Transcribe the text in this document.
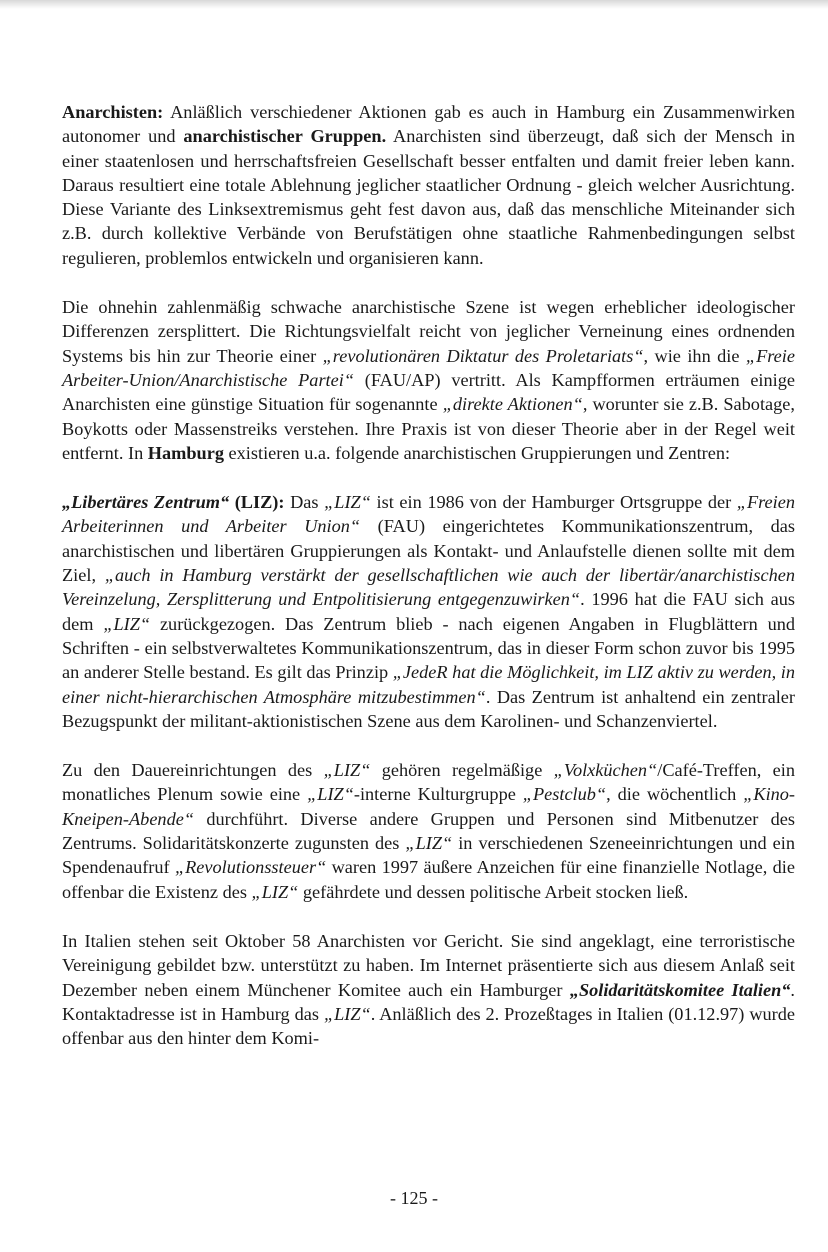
Anarchisten: Anläßlich verschiedener Aktionen gab es auch in Hamburg ein Zusammenwirken autonomer und anarchistischer Gruppen. Anarchisten sind überzeugt, daß sich der Mensch in einer staatenlosen und herrschaftsfreien Gesellschaft besser entfalten und damit freier leben kann. Daraus resultiert eine totale Ablehnung jeglicher staatlicher Ordnung - gleich welcher Ausrichtung. Diese Variante des Linksextremismus geht fest davon aus, daß das menschliche Miteinander sich z.B. durch kollektive Verbände von Berufstätigen ohne staatliche Rahmenbedingungen selbst regulieren, problemlos entwickeln und organisieren kann.

Die ohnehin zahlenmäßig schwache anarchistische Szene ist wegen erheblicher ideologischer Differenzen zersplittert. Die Richtungsvielfalt reicht von jeglicher Verneinung eines ordnenden Systems bis hin zur Theorie einer „revolutionären Diktatur des Proletariats“, wie ihn die „Freie Arbeiter-Union/Anarchistische Partei“ (FAU/AP) vertritt. Als Kampfformen erträumen einige Anarchisten eine günstige Situation für sogenannte „direkte Aktionen“, worunter sie z.B. Sabotage, Boykotts oder Massenstreiks verstehen. Ihre Praxis ist von dieser Theorie aber in der Regel weit entfernt. In Hamburg existieren u.a. folgende anarchistischen Gruppierungen und Zentren:

„Libertäres Zentrum“ (LIZ): Das „LIZ“ ist ein 1986 von der Hamburger Ortsgruppe der „Freien Arbeiterinnen und Arbeiter Union“ (FAU) eingerichtetes Kommunikationszentrum, das anarchistischen und libertären Gruppierungen als Kontakt- und Anlaufstelle dienen sollte mit dem Ziel, „auch in Hamburg verstärkt der gesellschaftlichen wie auch der libertär/anarchistischen Vereinzelung, Zersplitterung und Entpolitisierung entgegenzuwirken“. 1996 hat die FAU sich aus dem „LIZ“ zurückgezogen. Das Zentrum blieb - nach eigenen Angaben in Flugblättern und Schriften - ein selbstverwaltetes Kommunikationszentrum, das in dieser Form schon zuvor bis 1995 an anderer Stelle bestand. Es gilt das Prinzip „JedeR hat die Möglichkeit, im LIZ aktiv zu werden, in einer nicht-hierarchischen Atmosphäre mitzubestimmen“. Das Zentrum ist anhaltend ein zentraler Bezugspunkt der militant-aktionistischen Szene aus dem Karolinen- und Schanzenviertel.

Zu den Dauereinrichtungen des „LIZ“ gehören regelmäßige „Volxküchen“/Café-Treffen, ein monatliches Plenum sowie eine „LIZ“-interne Kulturgruppe „Pestclub“, die wöchentlich „Kino-Kneipen-Abende“ durchführt. Diverse andere Gruppen und Personen sind Mitbenutzer des Zentrums. Solidaritätskonzerte zugunsten des „LIZ“ in verschiedenen Szeneeinrichtungen und ein Spendenaufruf „Revolutionssteuer“ waren 1997 äußere Anzeichen für eine finanzielle Notlage, die offenbar die Existenz des „LIZ“ gefährdete und dessen politische Arbeit stocken ließ.

In Italien stehen seit Oktober 58 Anarchisten vor Gericht. Sie sind angeklagt, eine terroristische Vereinigung gebildet bzw. unterstützt zu haben. Im Internet präsentierte sich aus diesem Anlaß seit Dezember neben einem Münchener Komitee auch ein Hamburger „Solidaritätskomitee Italien“. Kontaktadresse ist in Hamburg das „LIZ“. Anläßlich des 2. Prozeßtages in Italien (01.12.97) wurde offenbar aus den hinter dem Komi-

- 125 -
